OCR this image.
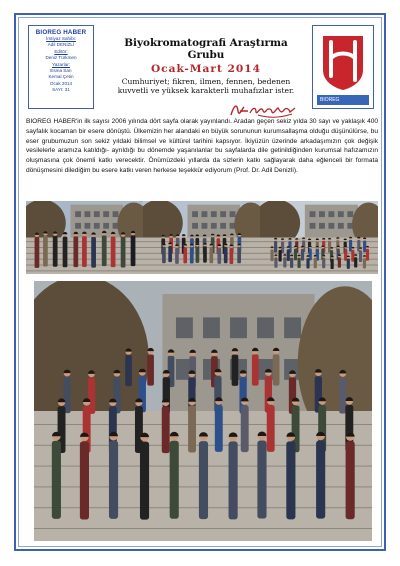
BIOREG HABER
İmtiyaz Sahibi:
Adil DENİZLİ
Editör:
Deniz Türkmen
Yazarlar:
Esma Sarı
Kemal Çetin
Ocak 2014
SAYI: 31
Biyokromatografi Araştırma Grubu
Ocak-Mart 2014
Cumhuriyet; fikren, ilmen, fennen, bedenen kuvvetli ve yüksek karakterli muhafızlar ister.
BIOREG
BIOREG HABER'in ilk sayısı 2006 yılında dört sayfa olarak yayınlandı. Aradan geçen sekiz yılda 30 sayı ve yaklaşık 400 sayfalık kocaman bir esere dönüştü. Ülkemizin her alandaki en büyük sorununun kurumsallaşma olduğu düşünülürse, bu eser grubumuzun son sekiz yıldaki bilimsel ve kültürel tarihini kapsıyor. İkiyüzün üzerinde arkadaşımızın çok değişik vesilelerle aramıza katıldığı- ayrıldığı bu dönemde yaşanılanlar bu sayfalarda dile getinildiğinden kurumsal hafızamızın oluşmasına çok önemli katkı verecektir. Önümüzdeki yıllarda da sizlerin katkı sağlayarak daha eğlenceli bir formata dönüşmesini dilediğim bu esere katkı veren herkese teşekkür ediyorum (Prof. Dr. Adil Denizli).
